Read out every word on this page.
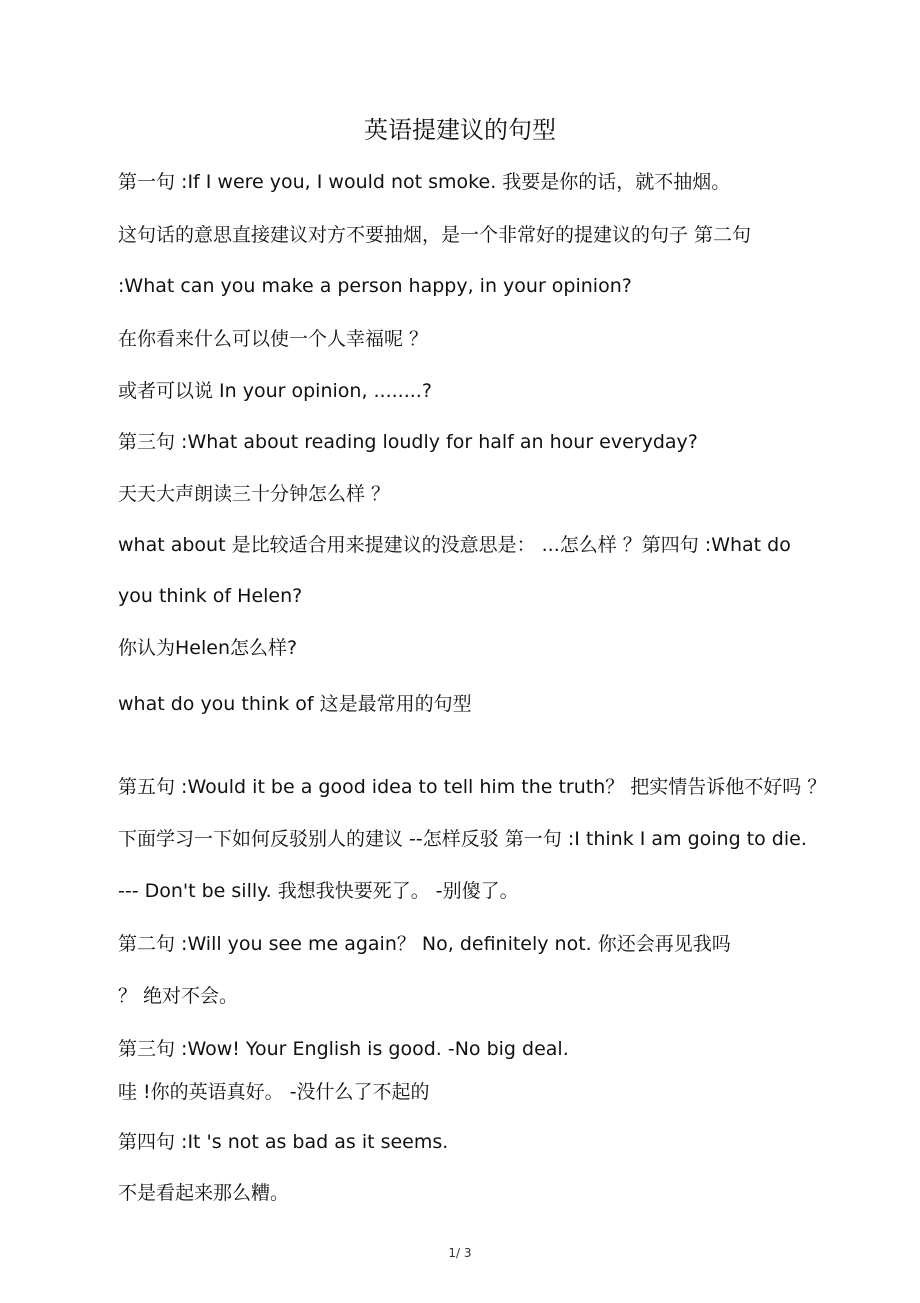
英语提建议的句型
第一句 :If I were you, I would not smoke. 我要是你的话，就不抽烟。
这句话的意思直接建议对方不要抽烟，是一个非常好的提建议的句子 第二句
:What can you make a person happy, in your opinion?
在你看来什么可以使一个人幸福呢 ？
或者可以说 In your opinion, ........?
第三句 :What about reading loudly for half an hour everyday?
天天大声朗读三十分钟怎么样 ？
what about 是比较适合用来提建议的没意思是： ...怎么样 ？第四句 :What do
you think of Helen?
你认为Helen怎么样?
what do you think of 这是最常用的句型
第五句 :Would it be a good idea to tell him the truth？ 把实情告诉他不好吗 ？
下面学习一下如何反驳别人的建议 --怎样反驳 第一句 :I think I am going to die.
--- Don't be silly. 我想我快要死了。 -别傻了。
第二句 :Will you see me again？ No, definitely not. 你还会再见我吗
？ 绝对不会。
第三句 :Wow! Your English is good. -No big deal.
哇 !你的英语真好。 -没什么了不起的
第四句 :It 's not as bad as it seems.
不是看起来那么糟。
1/ 3
